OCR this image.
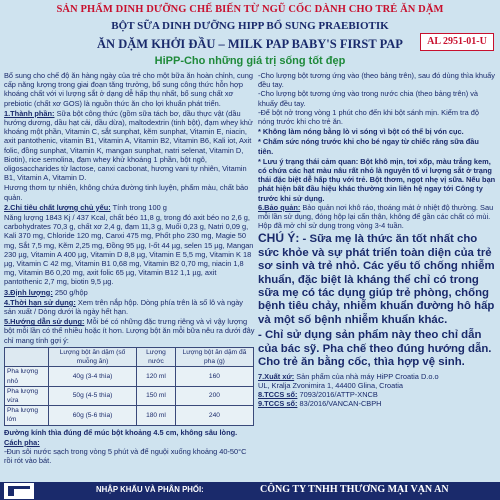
SẢN PHẨM DINH DƯỠNG CHẾ BIẾN TỪ NGŨ CỐC DÀNH CHO TRẺ ĂN DẶM
BỘT SỮA DINH DƯỠNG HIPP BỔ SUNG PRAEBIOTIK
ĂN DẶM KHỞI ĐẦU – MILK PAP BABY'S FIRST PAP
HiPP-Cho những giá trị sống tốt đẹp
AL 2951-01-U

Bổ sung cho chế độ ăn hàng ngày của trẻ cho một bữa ăn hoàn chỉnh, cung cấp năng lượng trong giai đoạn tăng trưởng, bổ sung công thức hỗn hợp khoáng chất với vi lượng sắt ở dạng dễ hấp thụ nhất, bổ sung chất xơ prebiotic (chất xơ GOS) là nguồn thức ăn cho lợi khuẩn phát triển.

1.Thành phần: Sữa bột công thức (gồm sữa tách bơ, dầu thực vật (dầu hướng dương, dầu hạt cải, dầu dừa), maltodextrin (tinh bột), đạm whey khử khoáng một phần, Vitamin C, sắt sunphat, kẽm sunphat, Vitamin E, niacin, axit pantothenic, vitamin B1, Vitamin A, Vitamin B2, Vitamin B6, Kali iot, Axit folic, đồng sunphat, Vitamin K, mangan sunphat, natri selenat, Vitamin D, Biotin), rice semolina, đạm whey khử khoáng 1 phần, bột ngô, oligosaccharides từ lactose, canxi cacbonat, hương vani tự nhiên, Vitamin B1, Vitamin A, Vitamin D.

Hương thơm tự nhiên, không chứa đường tinh luyện, phẩm màu, chất bảo quản.

2.Chỉ tiêu chất lượng chủ yếu: Tính trong 100 g

Năng lượng 1843 Kj / 437 Kcal, chất béo 11,8 g, trong đó axit béo no 2,6 g, carbohydrates 70,3 g, chất xơ 2,4 g, đạm 11,3 g, Muối 0,23 g, Natri 0,09 g, Kali 370 mg, Chloride 120 mg, Canxi 475 mg, Phốt pho 230 mg, Magie 50 mg, Sắt 7,5 mg, Kẽm 2,25 mg, Đồng 95 µg, I-ốt 44 µg, selen 15 µg, Mangan 230 µg, Vitamin A 400 µg, Vitamin D 8,8 µg, Vitamin E 5,5 mg, Vitamin K 18 µg, Vitamin C 42 mg, Vitamin B1 0,68 mg, Vitamin B2 0,70 mg, niacin 1,8 mg, Vitamin B6 0,20 mg, axit folic 65 µg, Vitamin B12 1,1 µg, axit pantothenic 2,7 mg, biotin 9,5 µg.

3.Định lượng: 250 g/hộp

4.Thời hạn sử dụng: Xem trên nắp hộp. Dòng phía trên là số lô và ngày sản xuất / Dòng dưới là ngày hết hạn.

5.Hướng dẫn sử dụng: Mỗi bé có những đặc trưng riêng và vì vậy lượng bột mỗi lần có thể nhiều hoặc ít hơn. Lượng bột ăn mỗi bữa nêu ra dưới đây chỉ mang tính gợi ý:

	Lượng bột ăn dặm (số muỗng ăn)	Lượng nước	Lượng bột ăn dặm đã pha (g)
Pha lượng nhỏ	40g (3-4 thìa)	120 ml	160
Pha lượng vừa	50g (4-5 thìa)	150 ml	200
Pha lượng lớn	60g (5-6 thìa)	180 ml	240

Đường kính thìa đúng để múc bột khoảng 4.5 cm, không sâu lòng.

Cách pha:

-Đun sôi nước sạch trong vòng 5 phút và để nguội xuống khoảng 40-50°C rồi rót vào bát.

-Cho lượng bột tương ứng vào (theo bảng trên), sau đó dùng thìa khuấy đều tay.

-Cho lượng bột tương ứng vào trong nước chia (theo bảng trên) và khuấy đều tay.

-Để bột nở trong vòng 1 phút cho đến khi bột sánh mịn. Kiểm tra độ nóng trước khi cho trẻ ăn.

* Không làm nóng bằng lò vi sóng vì bột có thể bị vón cục.

* Chấm sức nóng trước khi cho bé ngay từ chiếc răng sữa đầu tiên.

* Lưu ý trạng thái cảm quan: Bột khô mịn, tơi xốp, màu trắng kem, có chứa các hạt màu nâu rất nhỏ là nguyên tố vi lượng sắt ở trạng thái đặc biệt dễ hấp thụ với trẻ. Bột thơm, ngọt nhẹ vị sữa. Nếu bạn phát hiện bất đầu hiệu khác thường xin liên hệ ngay tới Công ty trước khi sử dụng.

6.Bảo quản: Bảo quản nơi khô ráo, thoáng mát ở nhiệt độ thường. Sau mỗi lần sử dụng, đóng hộp lại cẩn thận, không để gần các chất có mùi. Hộp đã mở chỉ sử dụng trong vòng 3-4 tuần.

CHÚ Ý: - Sữa mẹ là thức ăn tốt nhất cho sức khỏe và sự phát triển toàn diện của trẻ sơ sinh và trẻ nhỏ. Các yếu tố chống nhiễm khuẩn, đặc biệt là kháng thể chỉ có trong sữa mẹ có tác dụng giúp trẻ phòng, chống bệnh tiêu chảy, nhiễm khuẩn đường hô hấp và một số bệnh nhiễm khuẩn khác.

- Chỉ sử dụng sản phẩm này theo chỉ dẫn của bác sỹ. Pha chế theo đúng hướng dẫn. Cho trẻ ăn bằng cốc, thìa hợp vệ sinh.

7.Xuất xứ: Sản phẩm của nhà máy HiPP Croatia D.o.o

UL, Kralja Zvonimira 1, 44400 Glina, Croatia

8.TCCS số: 7093/2016/ATTP-XNCB

9.TCCS số: 83/2016/VANCAN-CBPH

NHẬP KHẨU VÀ PHÂN PHỐI:	CÔNG TY TNHH THƯƠNG MẠI VẠN AN
